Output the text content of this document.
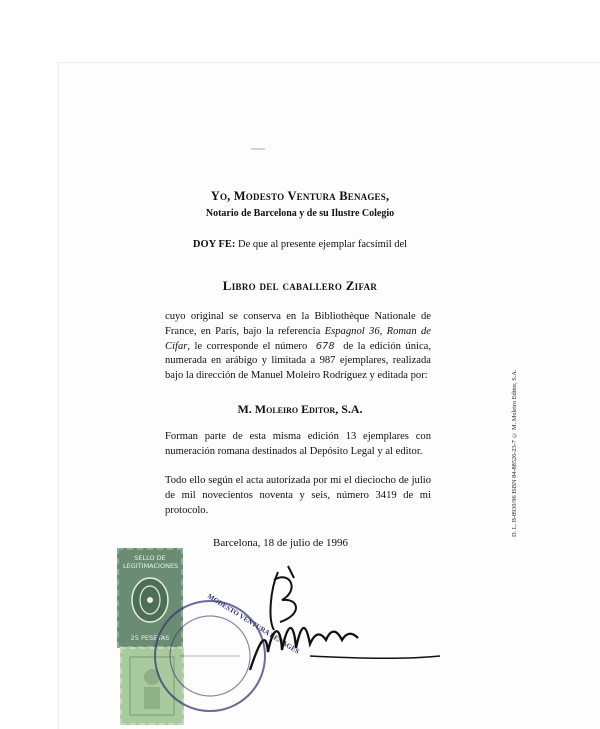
Yo, Modesto Ventura Benages,
Notario de Barcelona y de su Ilustre Colegio
DOY FE: De que al presente ejemplar facsímil del
Libro del caballero Zifar
cuyo original se conserva en la Bibliothèque Nationale de France, en París, bajo la referencia Espagnol 36, Roman de Cifar, le corresponde el número 678 de la edición única, numerada en arábigo y limitada a 987 ejemplares, realizada bajo la dirección de Manuel Moleiro Rodríguez y editada por:
M. Moleiro Editor, S.A.
Forman parte de esta misma edición 13 ejemplares con numeración romana destinados al Depósito Legal y al editor.
Todo ello según el acta autorizada por mí el dieciocho de julio de mil novecientos noventa y seis, número 3419 de mi protocolo.
Barcelona, 18 de julio de 1996
D. L. B-8930/96 ISBN 84-88526-23-7 © M. Moleiro Editor, S.A.
SELLO DE LEGITIMACIONES
25 PESETAS	MODESTO VENTURA BENAGES
